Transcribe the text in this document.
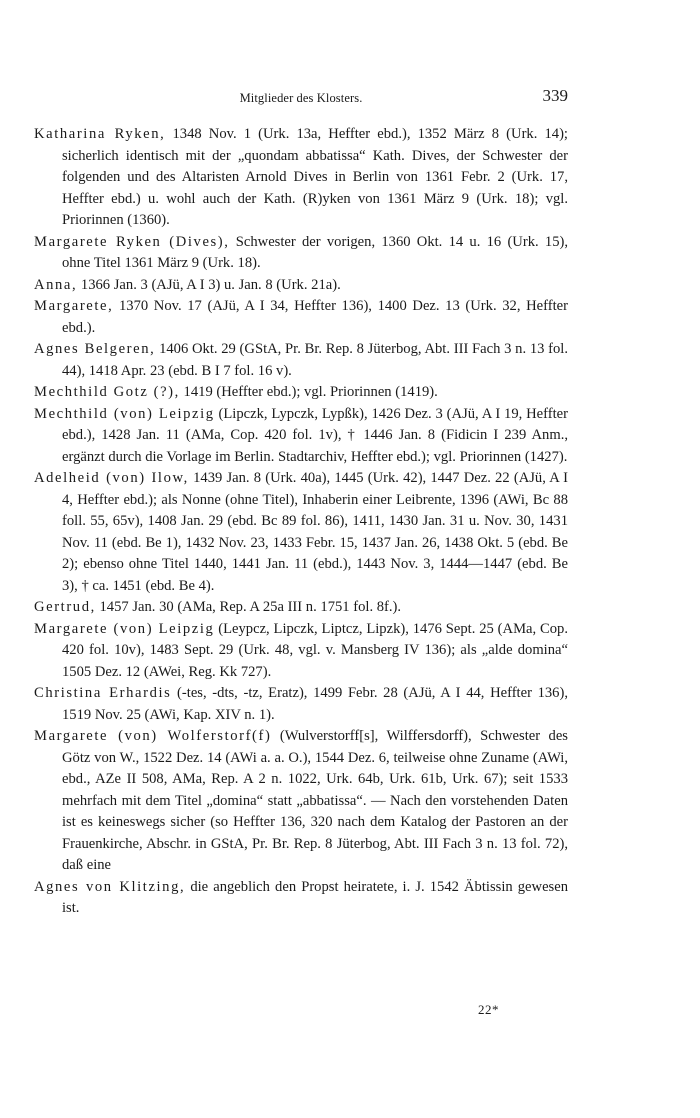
Mitglieder des Klosters.	339

Katharina Ryken, 1348 Nov. 1 (Urk. 13a, Heffter ebd.), 1352 März 8 (Urk. 14); sicherlich identisch mit der „quondam abbatissa“ Kath. Dives, der Schwester der folgenden und des Altaristen Arnold Dives in Berlin von 1361 Febr. 2 (Urk. 17, Heffter ebd.) u. wohl auch der Kath. (R)yken von 1361 März 9 (Urk. 18); vgl. Priorinnen (1360).

Margarete Ryken (Dives), Schwester der vorigen, 1360 Okt. 14 u. 16 (Urk. 15), ohne Titel 1361 März 9 (Urk. 18).

Anna, 1366 Jan. 3 (AJü, A I 3) u. Jan. 8 (Urk. 21a).

Margarete, 1370 Nov. 17 (AJü, A I 34, Heffter 136), 1400 Dez. 13 (Urk. 32, Heffter ebd.).

Agnes Belgeren, 1406 Okt. 29 (GStA, Pr. Br. Rep. 8 Jüterbog, Abt. III Fach 3 n. 13 fol. 44), 1418 Apr. 23 (ebd. B I 7 fol. 16 v).

Mechthild Gotz (?), 1419 (Heffter ebd.); vgl. Priorinnen (1419).

Mechthild (von) Leipzig (Lipczk, Lypczk, Lypßk), 1426 Dez. 3 (AJü, A I 19, Heffter ebd.), 1428 Jan. 11 (AMa, Cop. 420 fol. 1v), † 1446 Jan. 8 (Fidicin I 239 Anm., ergänzt durch die Vorlage im Berlin. Stadtarchiv, Heffter ebd.); vgl. Priorinnen (1427).

Adelheid (von) Ilow, 1439 Jan. 8 (Urk. 40a), 1445 (Urk. 42), 1447 Dez. 22 (AJü, A I 4, Heffter ebd.); als Nonne (ohne Titel), Inhaberin einer Leibrente, 1396 (AWi, Bc 88 foll. 55, 65v), 1408 Jan. 29 (ebd. Bc 89 fol. 86), 1411, 1430 Jan. 31 u. Nov. 30, 1431 Nov. 11 (ebd. Be 1), 1432 Nov. 23, 1433 Febr. 15, 1437 Jan. 26, 1438 Okt. 5 (ebd. Be 2); ebenso ohne Titel 1440, 1441 Jan. 11 (ebd.), 1443 Nov. 3, 1444—1447 (ebd. Be 3), † ca. 1451 (ebd. Be 4).

Gertrud, 1457 Jan. 30 (AMa, Rep. A 25a III n. 1751 fol. 8f.).

Margarete (von) Leipzig (Leypcz, Lipczk, Liptcz, Lipzk), 1476 Sept. 25 (AMa, Cop. 420 fol. 10v), 1483 Sept. 29 (Urk. 48, vgl. v. Mansberg IV 136); als „alde domina“ 1505 Dez. 12 (AWei, Reg. Kk 727).

Christina Erhardis (-tes, -dts, -tz, Eratz), 1499 Febr. 28 (AJü, A I 44, Heffter 136), 1519 Nov. 25 (AWi, Kap. XIV n. 1).

Margarete (von) Wolferstorf(f) (Wulverstorff[s], Wilffersdorff), Schwester des Götz von W., 1522 Dez. 14 (AWi a. a. O.), 1544 Dez. 6, teilweise ohne Zuname (AWi, ebd., AZe II 508, AMa, Rep. A 2 n. 1022, Urk. 64b, Urk. 61b, Urk. 67); seit 1533 mehrfach mit dem Titel „domina“ statt „abbatissa“. — Nach den vorstehenden Daten ist es keineswegs sicher (so Heffter 136, 320 nach dem Katalog der Pastoren an der Frauenkirche, Abschr. in GStA, Pr. Br. Rep. 8 Jüterbog, Abt. III Fach 3 n. 13 fol. 72), daß eine

Agnes von Klitzing, die angeblich den Propst heiratete, i. J. 1542 Äbtissin gewesen ist.

22*
